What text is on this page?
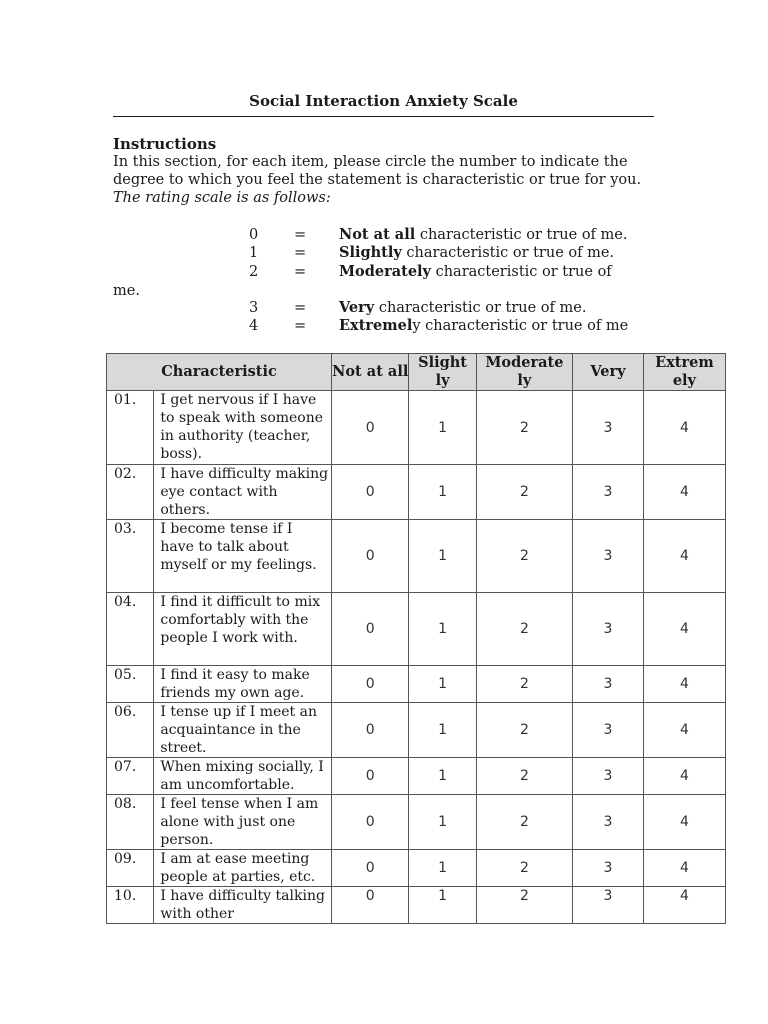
Social Interaction Anxiety Scale
Instructions
In this section, for each item, please circle the number to indicate the degree to which you feel the statement is characteristic or true for you. The rating scale is as follows:
0 = Not at all characteristic or true of me.
1 = Slightly characteristic or true of me.
2 = Moderately characteristic or true of
me.
3 = Very characteristic or true of me.
4 = Extremely characteristic or true of me
Characteristic		Not at all	Slight ly	Moderate ly	Very	Extrem ely
01.	I get nervous if I have to speak with someone in authority (teacher, boss).	0	1	2	3	4
02.	I have difficulty making eye contact with others.	0	1	2	3	4
03.	I become tense if I have to talk about myself or my feelings.	0	1	2	3	4
04.	I find it difficult to mix comfortably with the people I work with.	0	1	2	3	4
05.	I find it easy to make friends my own age.	0	1	2	3	4
06.	I tense up if I meet an acquaintance in the street.	0	1	2	3	4
07.	When mixing socially, I am uncomfortable.	0	1	2	3	4
08.	I feel tense when I am alone with just one person.	0	1	2	3	4
09.	I am at ease meeting people at parties, etc.	0	1	2	3	4
10.	I have difficulty talking with other	0	1	2	3	4
